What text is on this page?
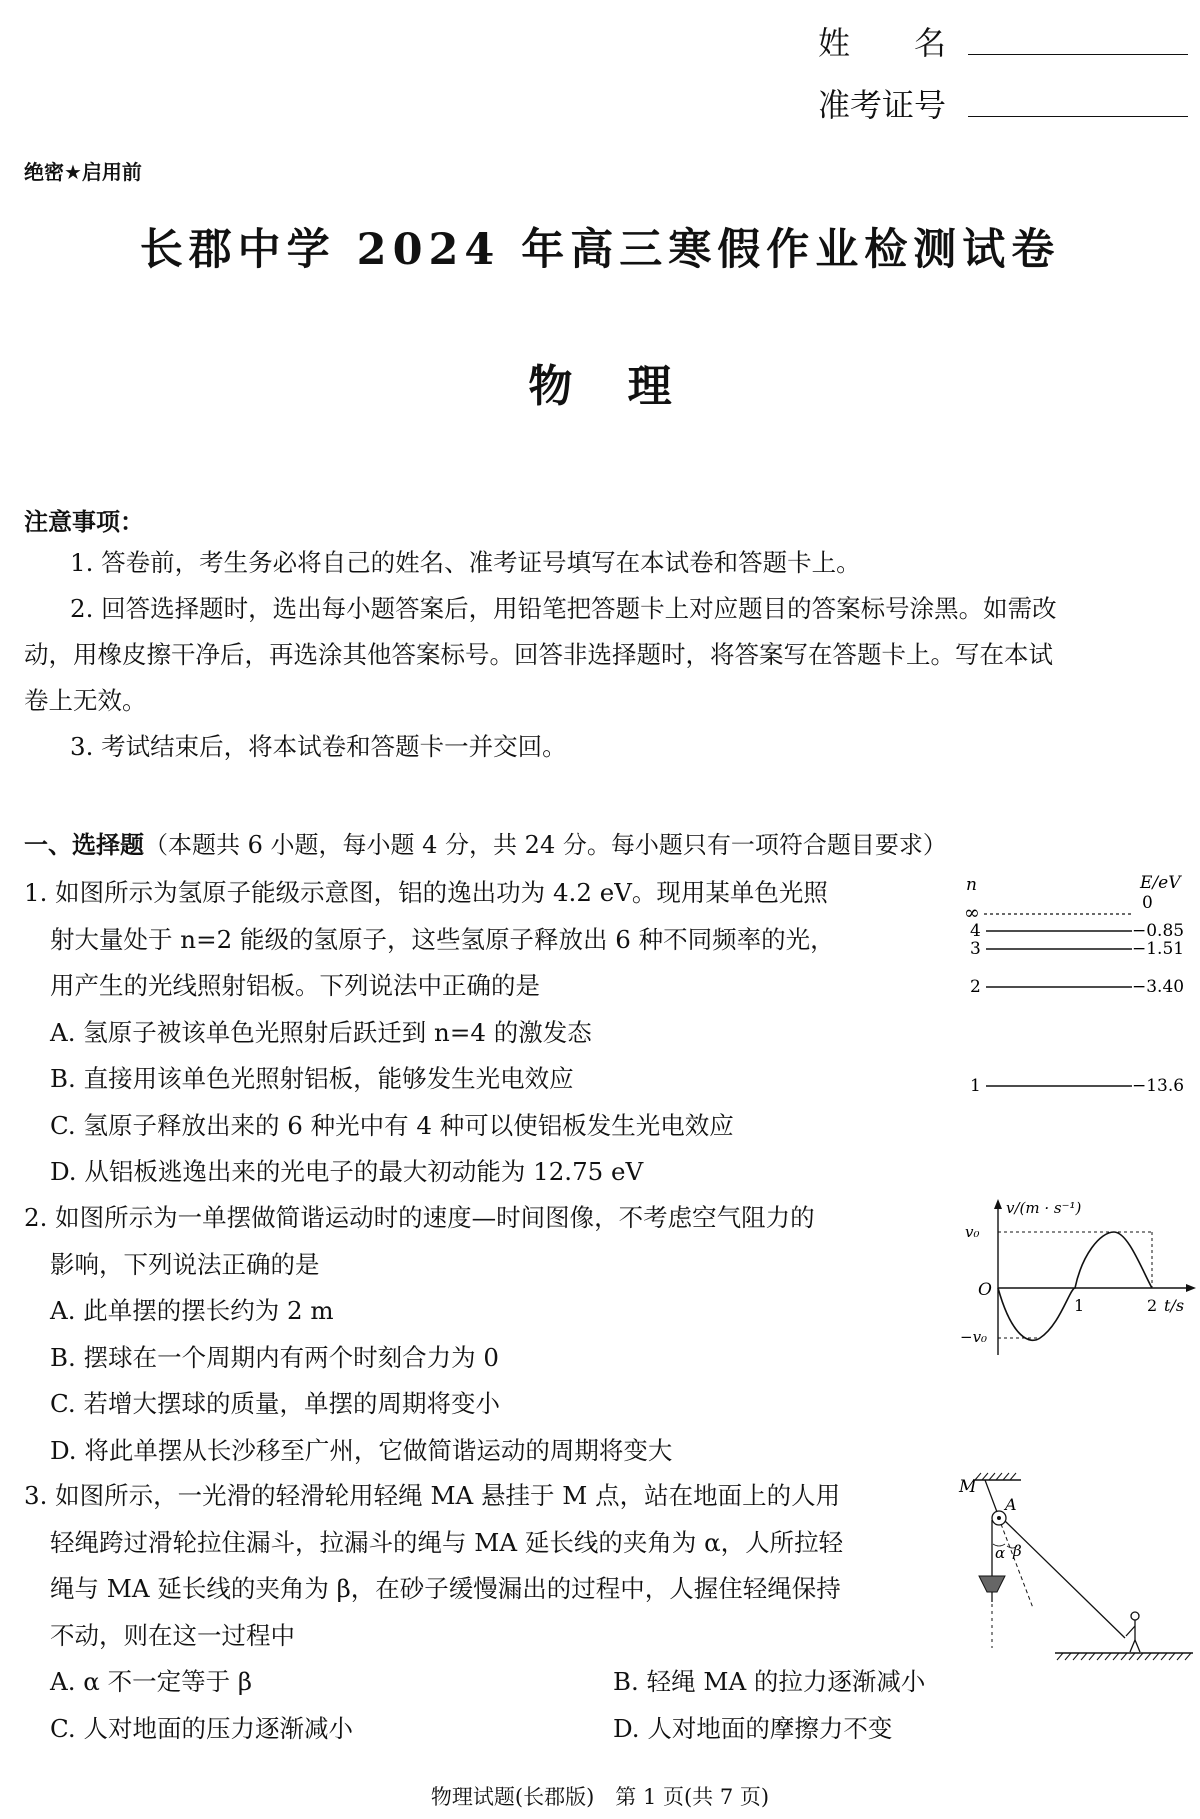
姓　　名
准考证号
绝密★启用前
长郡中学 2024 年高三寒假作业检测试卷
物 理
注意事项：
1. 答卷前，考生务必将自己的姓名、准考证号填写在本试卷和答题卡上。
2. 回答选择题时，选出每小题答案后，用铅笔把答题卡上对应题目的答案标号涂黑。如需改
动，用橡皮擦干净后，再选涂其他答案标号。回答非选择题时，将答案写在答题卡上。写在本试
卷上无效。
3. 考试结束后，将本试卷和答题卡一并交回。
一、选择题（本题共 6 小题，每小题 4 分，共 24 分。每小题只有一项符合题目要求）
1. 如图所示为氢原子能级示意图，铝的逸出功为 4.2 eV。现用某单色光照
射大量处于 n=2 能级的氢原子，这些氢原子释放出 6 种不同频率的光，
用产生的光线照射铝板。下列说法中正确的是
A. 氢原子被该单色光照射后跃迁到 n=4 的激发态
B. 直接用该单色光照射铝板，能够发生光电效应
C. 氢原子释放出来的 6 种光中有 4 种可以使铝板发生光电效应
D. 从铝板逃逸出来的光电子的最大初动能为 12.75 eV
n	E/eV
0
∞
4	−0.85
3	−1.51
2	−3.40
1	−13.6
2. 如图所示为一单摆做简谐运动时的速度—时间图像，不考虑空气阻力的
影响，下列说法正确的是
A. 此单摆的摆长约为 2 m
B. 摆球在一个周期内有两个时刻合力为 0
C. 若增大摆球的质量，单摆的周期将变小
D. 将此单摆从长沙移至广州，它做简谐运动的周期将变大
v/(m · s⁻¹)
v₀
−v₀
O
1	2 t/s
3. 如图所示，一光滑的轻滑轮用轻绳 MA 悬挂于 M 点，站在地面上的人用
轻绳跨过滑轮拉住漏斗，拉漏斗的绳与 MA 延长线的夹角为 α，人所拉轻
绳与 MA 延长线的夹角为 β，在砂子缓慢漏出的过程中，人握住轻绳保持
不动，则在这一过程中
A. α 不一定等于 β	B. 轻绳 MA 的拉力逐渐减小
C. 人对地面的压力逐渐减小	D. 人对地面的摩擦力不变
M
A
α β
物理试题(长郡版)　第 1 页(共 7 页)
